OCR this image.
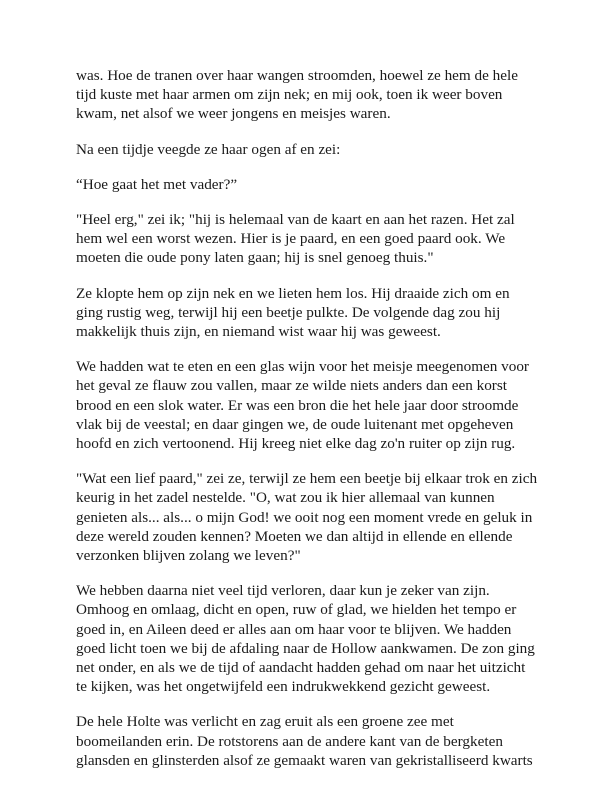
was. Hoe de tranen over haar wangen stroomden, hoewel ze hem de hele
tijd kuste met haar armen om zijn nek; en mij ook, toen ik weer boven
kwam, net alsof we weer jongens en meisjes waren.

Na een tijdje veegde ze haar ogen af en zei:

“Hoe gaat het met vader?”

"Heel erg," zei ik; "hij is helemaal van de kaart en aan het razen. Het zal
hem wel een worst wezen. Hier is je paard, en een goed paard ook. We
moeten die oude pony laten gaan; hij is snel genoeg thuis."

Ze klopte hem op zijn nek en we lieten hem los. Hij draaide zich om en
ging rustig weg, terwijl hij een beetje pulkte. De volgende dag zou hij
makkelijk thuis zijn, en niemand wist waar hij was geweest.

We hadden wat te eten en een glas wijn voor het meisje meegenomen voor
het geval ze flauw zou vallen, maar ze wilde niets anders dan een korst
brood en een slok water. Er was een bron die het hele jaar door stroomde
vlak bij de veestal; en daar gingen we, de oude luitenant met opgeheven
hoofd en zich vertoonend. Hij kreeg niet elke dag zo'n ruiter op zijn rug.

"Wat een lief paard," zei ze, terwijl ze hem een beetje bij elkaar trok en zich
keurig in het zadel nestelde. "O, wat zou ik hier allemaal van kunnen
genieten als... als... o mijn God! we ooit nog een moment vrede en geluk in
deze wereld zouden kennen? Moeten we dan altijd in ellende en ellende
verzonken blijven zolang we leven?"

We hebben daarna niet veel tijd verloren, daar kun je zeker van zijn.
Omhoog en omlaag, dicht en open, ruw of glad, we hielden het tempo er
goed in, en Aileen deed er alles aan om haar voor te blijven. We hadden
goed licht toen we bij de afdaling naar de Hollow aankwamen. De zon ging
net onder, en als we de tijd of aandacht hadden gehad om naar het uitzicht
te kijken, was het ongetwijfeld een indrukwekkend gezicht geweest.

De hele Holte was verlicht en zag eruit als een groene zee met
boomeilanden erin. De rotstorens aan de andere kant van de bergketen
glansden en glinsterden alsof ze gemaakt waren van gekristalliseerd kwarts
